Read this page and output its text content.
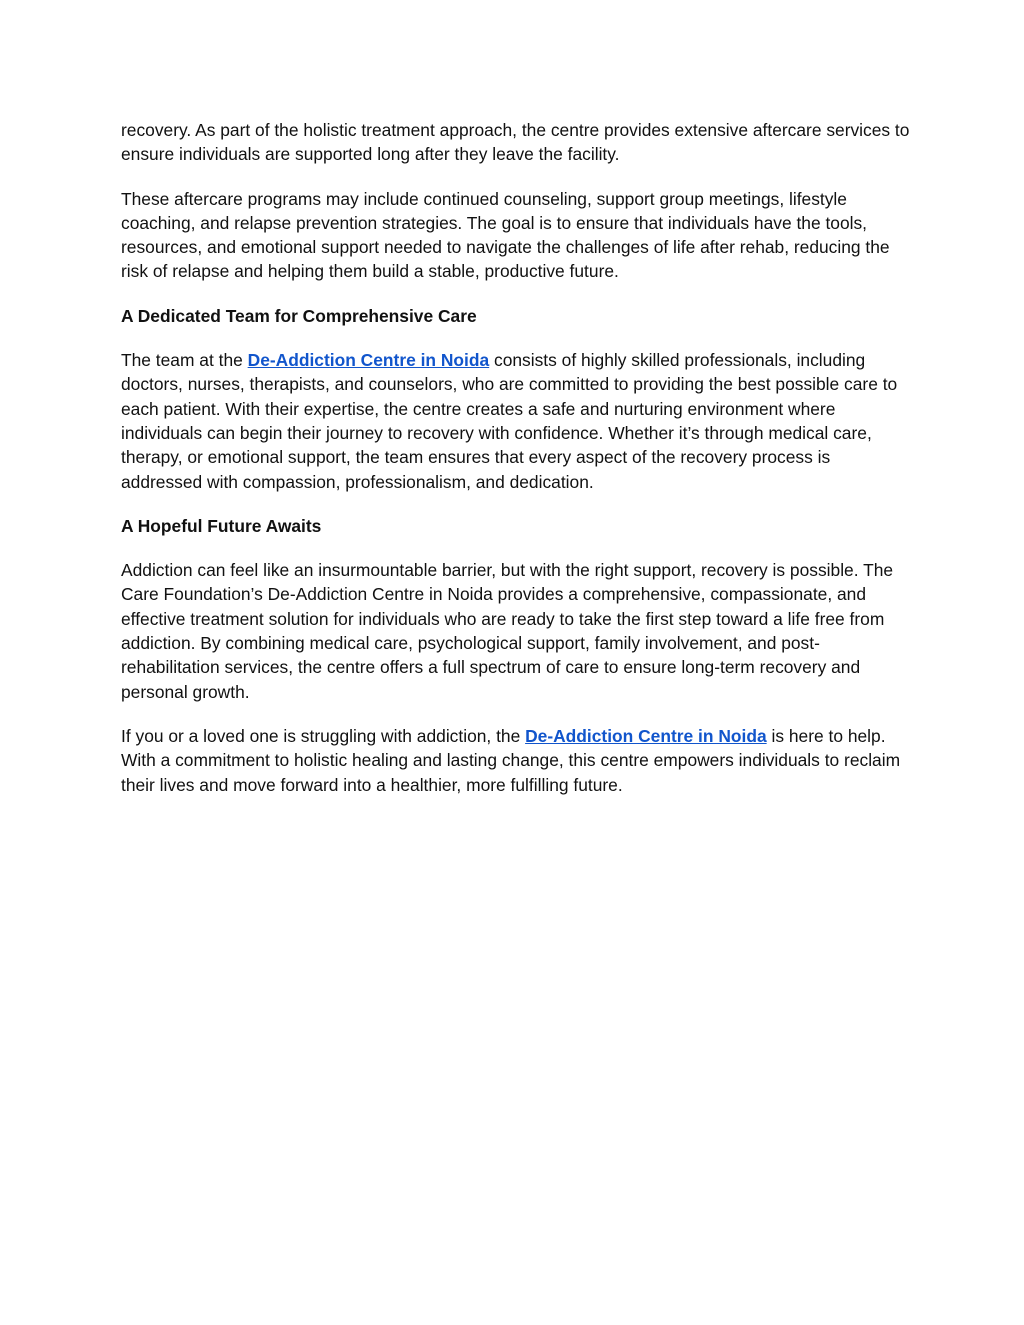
recovery. As part of the holistic treatment approach, the centre provides extensive aftercare services to ensure individuals are supported long after they leave the facility.

These aftercare programs may include continued counseling, support group meetings, lifestyle coaching, and relapse prevention strategies. The goal is to ensure that individuals have the tools, resources, and emotional support needed to navigate the challenges of life after rehab, reducing the risk of relapse and helping them build a stable, productive future.

A Dedicated Team for Comprehensive Care

The team at the De-Addiction Centre in Noida consists of highly skilled professionals, including doctors, nurses, therapists, and counselors, who are committed to providing the best possible care to each patient. With their expertise, the centre creates a safe and nurturing environment where individuals can begin their journey to recovery with confidence. Whether it’s through medical care, therapy, or emotional support, the team ensures that every aspect of the recovery process is addressed with compassion, professionalism, and dedication.

A Hopeful Future Awaits

Addiction can feel like an insurmountable barrier, but with the right support, recovery is possible. The Care Foundation’s De-Addiction Centre in Noida provides a comprehensive, compassionate, and effective treatment solution for individuals who are ready to take the first step toward a life free from addiction. By combining medical care, psychological support, family involvement, and post-rehabilitation services, the centre offers a full spectrum of care to ensure long-term recovery and personal growth.

If you or a loved one is struggling with addiction, the De-Addiction Centre in Noida is here to help. With a commitment to holistic healing and lasting change, this centre empowers individuals to reclaim their lives and move forward into a healthier, more fulfilling future.
